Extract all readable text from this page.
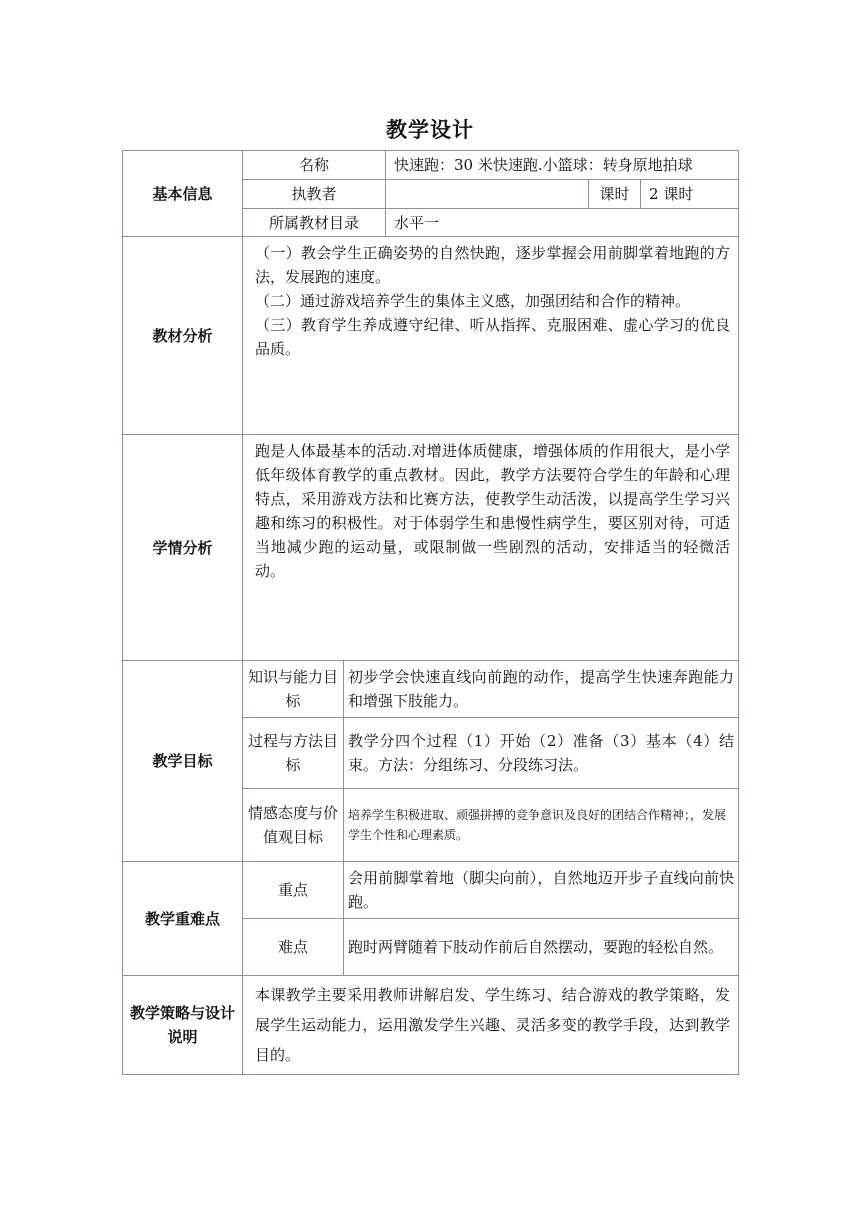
教学设计
基本信息	名称		快速跑：30 米快速跑.小篮球：转身原地拍球		
	执教者			课时	2 课时
	所属教材目录		水平一		
教材分析	（一）教会学生正确姿势的自然快跑，逐步掌握会用前脚掌着地跑的方法，发展跑的速度。

（二）通过游戏培养学生的集体主义感，加强团结和合作的精神。

（三）教育学生养成遵守纪律、听从指挥、克服困难、虚心学习的优良品质。				

学情分析	跑是人体最基本的活动.对增进体质健康，增强体质的作用很大，是小学低年级体育教学的重点教材。因此，教学方法要符合学生的年龄和心理特点，采用游戏方法和比赛方法，使教学生动活泼，以提高学生学习兴趣和练习的积极性。对于体弱学生和患慢性病学生，要区别对待，可适当地减少跑的运动量，或限制做一些剧烈的活动，安排适当的轻微活动。				
教学目标	知识与能力目标	初步学会快速直线向前跑的动作，提高学生快速奔跑能力和增强下肢能力。			
	过程与方法目标	教学分四个过程（1）开始（2）准备（3）基本（4）结束。方法：分组练习、分段练习法。			
	情感态度与价值观目标	培养学生积极进取、顽强拼搏的竞争意识及良好的团结合作精神；，发展学生个性和心理素质。			
教学重难点	重点	会用前脚掌着地（脚尖向前），自然地迈开步子直线向前快跑。			
	难点	跑时两臂随着下肢动作前后自然摆动，要跑的轻松自然。			
教学策略与设计说明	本课教学主要采用教师讲解启发、学生练习、结合游戏的教学策略，发展学生运动能力，运用激发学生兴趣、灵活多变的教学手段，达到教学目的。				
